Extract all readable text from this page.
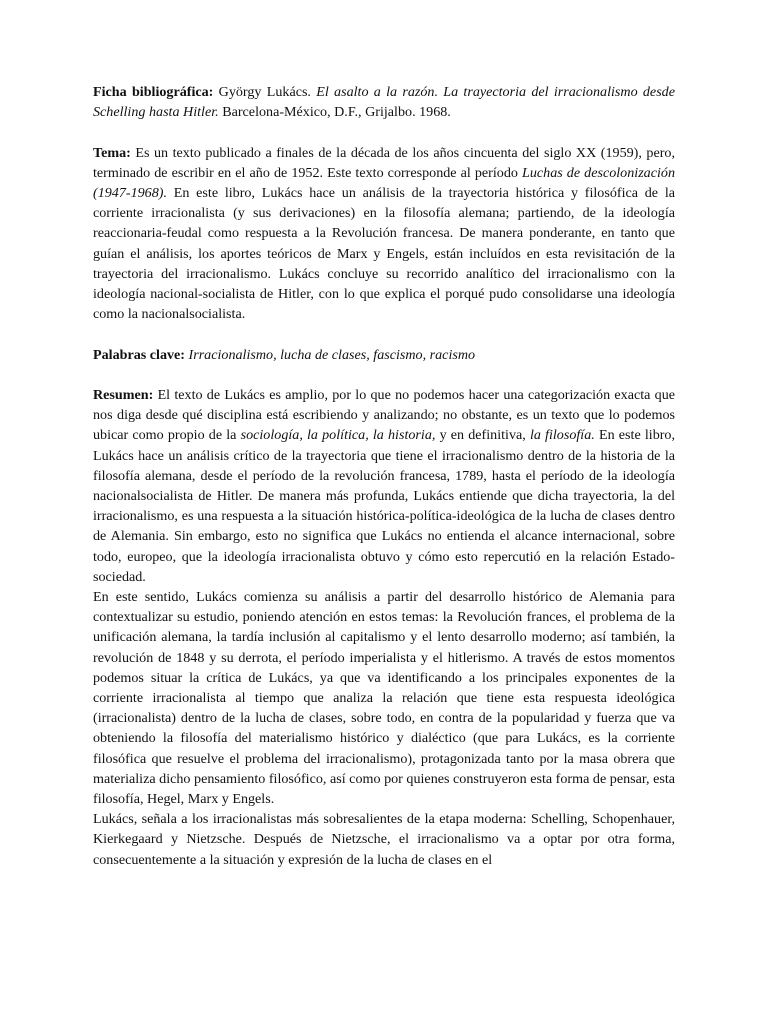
Ficha bibliográfica: György Lukács. El asalto a la razón. La trayectoria del irracionalismo desde Schelling hasta Hitler. Barcelona-México, D.F., Grijalbo. 1968.

Tema: Es un texto publicado a finales de la década de los años cincuenta del siglo XX (1959), pero, terminado de escribir en el año de 1952. Este texto corresponde al período Luchas de descolonización (1947-1968). En este libro, Lukács hace un análisis de la trayectoria histórica y filosófica de la corriente irracionalista (y sus derivaciones) en la filosofía alemana; partiendo, de la ideología reaccionaria-feudal como respuesta a la Revolución francesa. De manera ponderante, en tanto que guían el análisis, los aportes teóricos de Marx y Engels, están incluídos en esta revisitación de la trayectoria del irracionalismo. Lukács concluye su recorrido analítico del irracionalismo con la ideología nacional-socialista de Hitler, con lo que explica el porqué pudo consolidarse una ideología como la nacionalsocialista.

Palabras clave: Irracionalismo, lucha de clases, fascismo, racismo

Resumen: El texto de Lukács es amplio, por lo que no podemos hacer una categorización exacta que nos diga desde qué disciplina está escribiendo y analizando; no obstante, es un texto que lo podemos ubicar como propio de la sociología, la política, la historia, y en definitiva, la filosofía. En este libro, Lukács hace un análisis crítico de la trayectoria que tiene el irracionalismo dentro de la historia de la filosofía alemana, desde el período de la revolución francesa, 1789, hasta el período de la ideología nacionalsocialista de Hitler. De manera más profunda, Lukács entiende que dicha trayectoria, la del irracionalismo, es una respuesta a la situación histórica-política-ideológica de la lucha de clases dentro de Alemania. Sin embargo, esto no significa que Lukács no entienda el alcance internacional, sobre todo, europeo, que la ideología irracionalista obtuvo y cómo esto repercutió en la relación Estado-sociedad.

En este sentido, Lukács comienza su análisis a partir del desarrollo histórico de Alemania para contextualizar su estudio, poniendo atención en estos temas: la Revolución frances, el problema de la unificación alemana, la tardía inclusión al capitalismo y el lento desarrollo moderno; así también, la revolución de 1848 y su derrota, el período imperialista y el hitlerismo. A través de estos momentos podemos situar la crítica de Lukács, ya que va identificando a los principales exponentes de la corriente irracionalista al tiempo que analiza la relación que tiene esta respuesta ideológica (irracionalista) dentro de la lucha de clases, sobre todo, en contra de la popularidad y fuerza que va obteniendo la filosofía del materialismo histórico y dialéctico (que para Lukács, es la corriente filosófica que resuelve el problema del irracionalismo), protagonizada tanto por la masa obrera que materializa dicho pensamiento filosófico, así como por quienes construyeron esta forma de pensar, esta filosofía, Hegel, Marx y Engels.

Lukács, señala a los irracionalistas más sobresalientes de la etapa moderna: Schelling, Schopenhauer, Kierkegaard y Nietzsche. Después de Nietzsche, el irracionalismo va a optar por otra forma, consecuentemente a la situación y expresión de la lucha de clases en el
